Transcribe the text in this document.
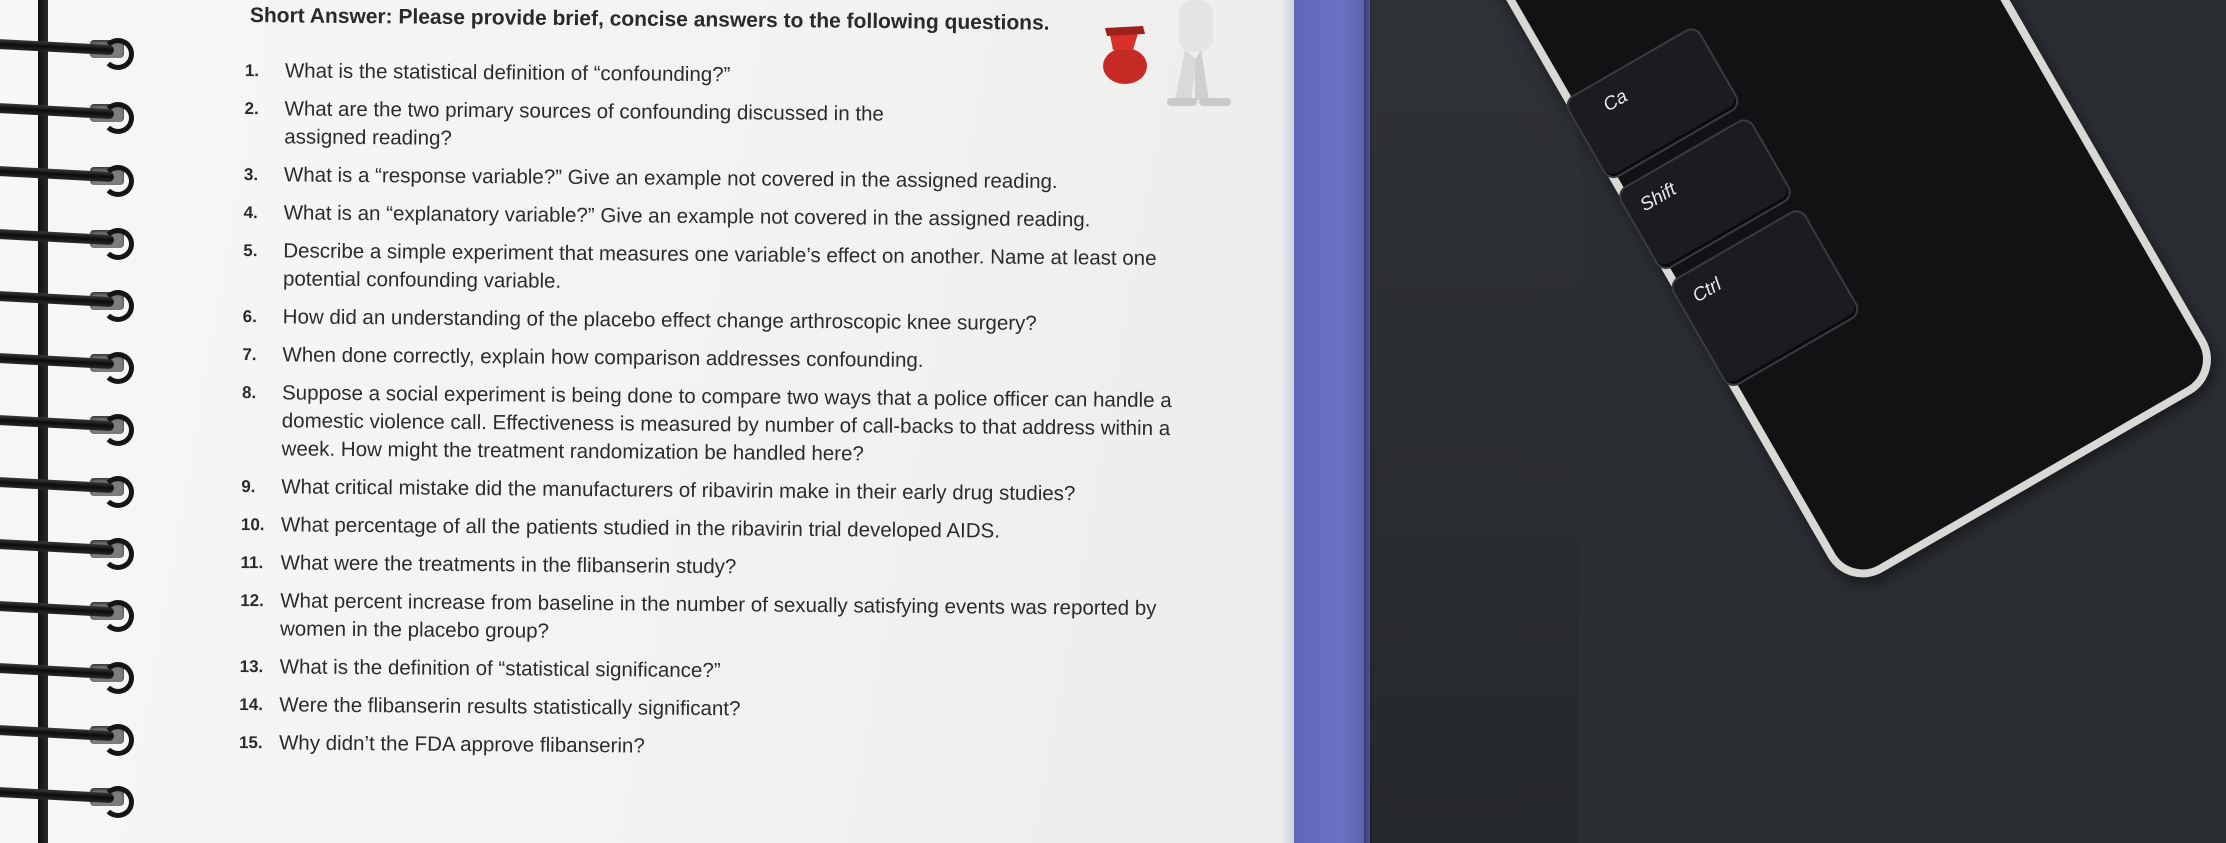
Ca
Shift
Ctrl
Short Answer: Please provide brief, concise answers to the following questions.
1. What is the statistical definition of “confounding?”
2. What are the two primary sources of confounding discussed in the assigned reading?
3. What is a “response variable?” Give an example not covered in the assigned reading.
4. What is an “explanatory variable?” Give an example not covered in the assigned reading.
5. Describe a simple experiment that measures one variable’s effect on another. Name at least one potential confounding variable.
6. How did an understanding of the placebo effect change arthroscopic knee surgery?
7. When done correctly, explain how comparison addresses confounding.
8. Suppose a social experiment is being done to compare two ways that a police officer can handle a domestic violence call. Effectiveness is measured by number of call-backs to that address within a week. How might the treatment randomization be handled here?
9. What critical mistake did the manufacturers of ribavirin make in their early drug studies?
10. What percentage of all the patients studied in the ribavirin trial developed AIDS.
11. What were the treatments in the flibanserin study?
12. What percent increase from baseline in the number of sexually satisfying events was reported by women in the placebo group?
13. What is the definition of “statistical significance?”
14. Were the flibanserin results statistically significant?
15. Why didn’t the FDA approve flibanserin?
